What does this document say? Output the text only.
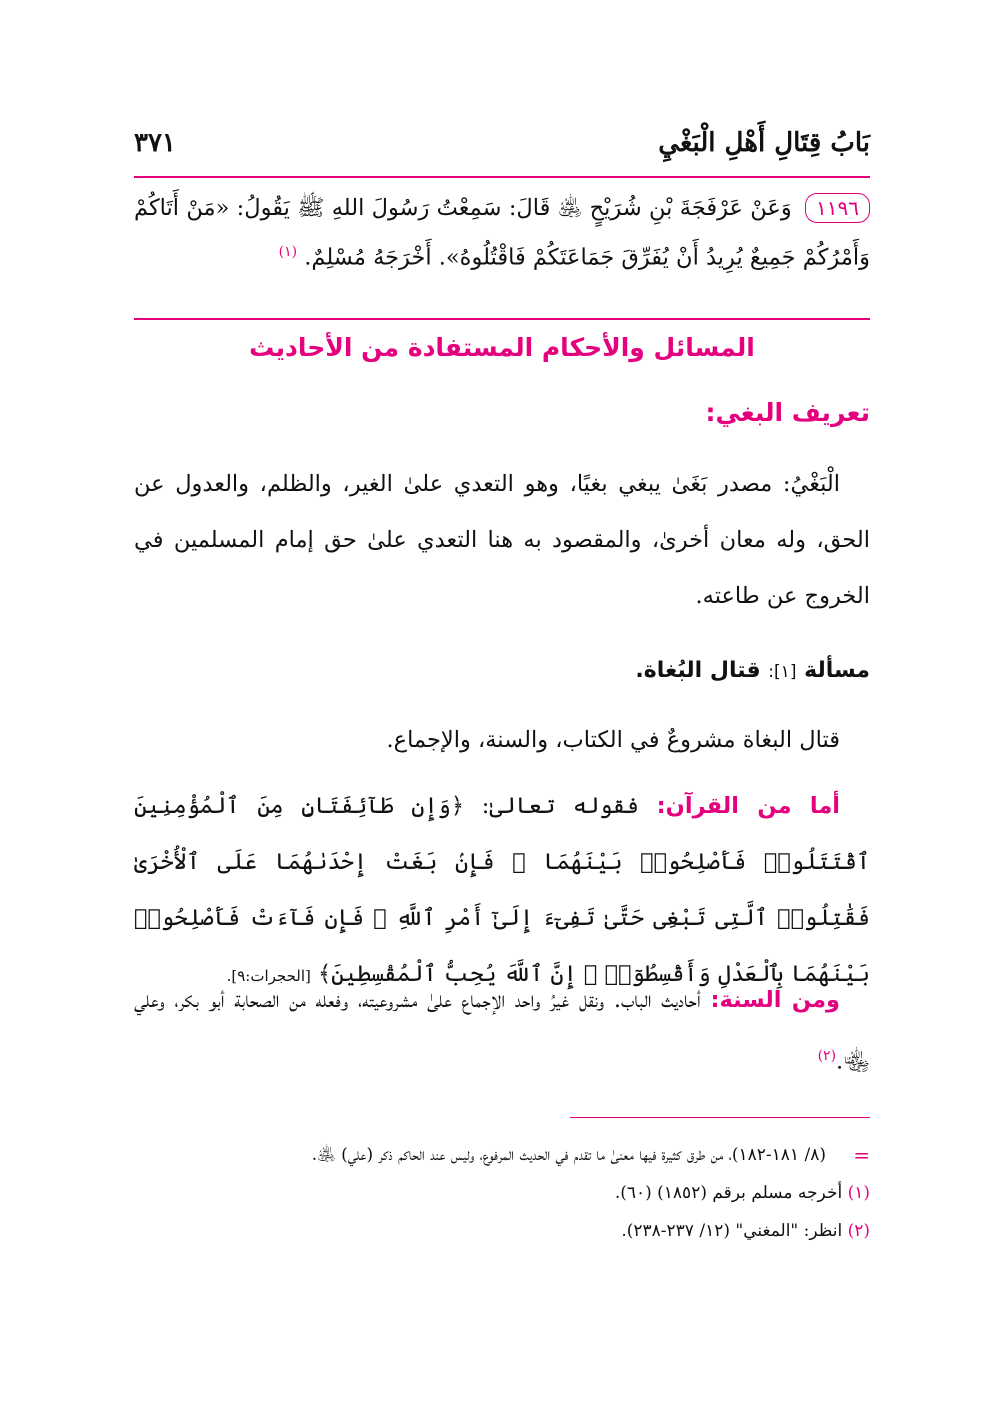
بَابُ قِتَالِ أَهْلِ الْبَغْيِ
٣٧١
١١٩٦ وَعَنْ عَرْفَجَةَ بْنِ شُرَيْحٍ ﵁ قَالَ: سَمِعْتُ رَسُولَ اللهِ ﷺ يَقُولُ: «مَنْ أَتَاكُمْ وَأَمْرُكُمْ جَمِيعٌ يُرِيدُ أَنْ يُفَرِّقَ جَمَاعَتَكُمْ فَاقْتُلُوهُ». أَخْرَجَهُ مُسْلِمٌ. $^{(١)}$
المسائل والأحكام المستفادة من الأحاديث
تعريف البغي:
الْبَغْيُ: مصدر بَغَىٰ يبغي بغيًا، وهو التعدي علىٰ الغير، والظلم، والعدول عن الحق، وله معان أخرىٰ، والمقصود به هنا التعدي علىٰ حق إمام المسلمين في الخروج عن طاعته.
مسألة [١]: قتال البُغاة.
قتال البغاة مشروعٌ في الكتاب، والسنة، والإجماع.
أما من القرآن: فقوله تعالىٰ: ﴿وَإِن طَآئِفَتَانِ مِنَ ٱلْمُؤْمِنِينَ ٱقْتَتَلُوا۟ فَأَصْلِحُوا۟ بَيْنَهُمَا ۖ فَإِنۢ بَغَتْ إِحْدَىٰهُمَا عَلَى ٱلْأُخْرَىٰ فَقَٰتِلُوا۟ ٱلَّتِى تَبْغِى حَتَّىٰ تَفِىٓءَ إِلَىٰٓ أَمْرِ ٱللَّهِ ۚ فَإِن فَآءَتْ فَأَصْلِحُوا۟ بَيْنَهُمَا بِٱلْعَدْلِ وَأَقْسِطُوٓا۟ ۖ إِنَّ ٱللَّهَ يُحِبُّ ٱلْمُقْسِطِينَ﴾ [الحجرات:٩].
ومن السنة: أحاديث الباب. ونقل غيرُ واحد الإجماع علىٰ مشروعيته، وفعله من الصحابة أبو بكر، وعلي ﵄.$^{(٢)}$
=
(٨/ ١٨١-١٨٢)، من طرق كثيرة فيها معنىٰ ما تقدم في الحديث المرفوع، وليس عند الحاكم ذكر (علي) ﵁.
(١) أخرجه مسلم برقم (١٨٥٢) (٦٠).
(٢) انظر: "المغني" (١٢/ ٢٣٧-٢٣٨).
